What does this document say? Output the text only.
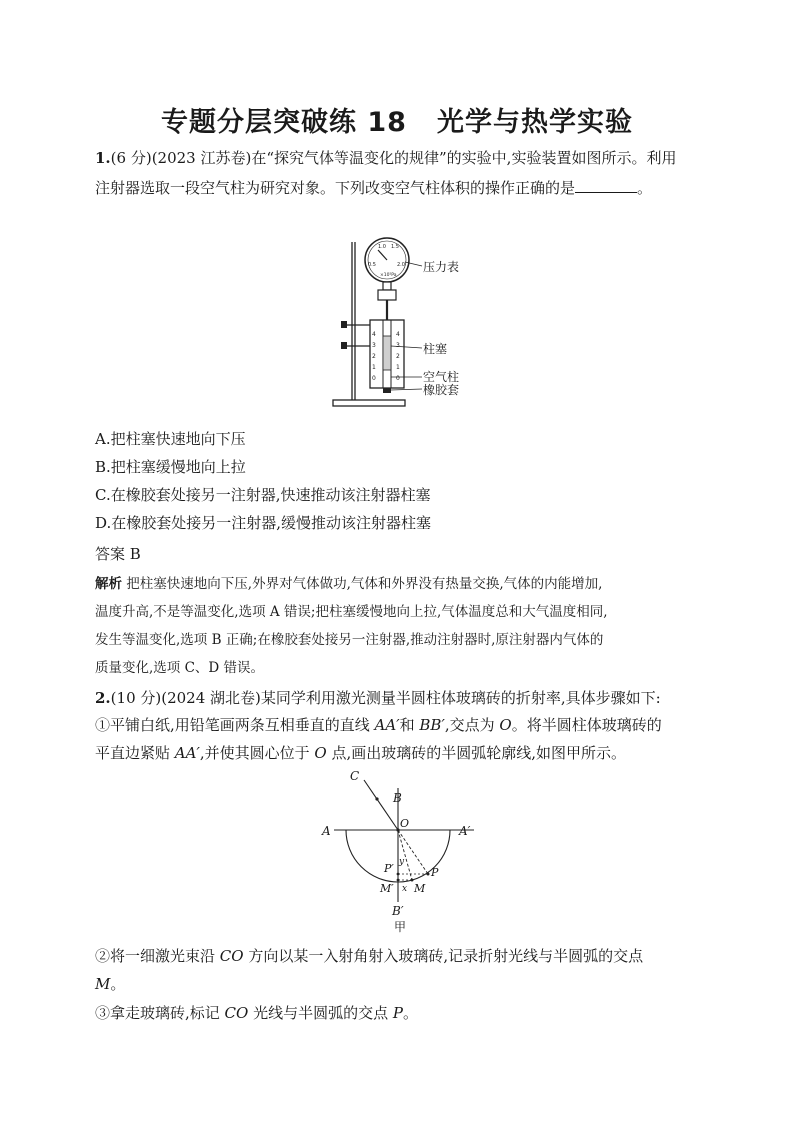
专题分层突破练 18 光学与热学实验
1.(6 分)(2023 江苏卷)在“探究气体等温变化的规律”的实验中,实验装置如图所示。利用
注射器选取一段空气柱为研究对象。下列改变空气柱体积的操作正确的是	。
0.5
1.0 1.5
2.0
×10⁵Pa
4
3
2
1
0
4
3
2
1
0
压力表
柱塞
空气柱
橡胶套
A.把柱塞快速地向下压
B.把柱塞缓慢地向上拉
C.在橡胶套处接另一注射器,快速推动该注射器柱塞
D.在橡胶套处接另一注射器,缓慢推动该注射器柱塞
答案 B
解析 把柱塞快速地向下压,外界对气体做功,气体和外界没有热量交换,气体的内能增加,
温度升高,不是等温变化,选项 A 错误;把柱塞缓慢地向上拉,气体温度总和大气温度相同,
发生等温变化,选项 B 正确;在橡胶套处接另一注射器,推动注射器时,原注射器内气体的
质量变化,选项 C、D 错误。
2.(10 分)(2024 湖北卷)某同学利用激光测量半圆柱体玻璃砖的折射率,具体步骤如下:
①平铺白纸,用铅笔画两条互相垂直的直线 AA′和 BB′,交点为 O。将半圆柱体玻璃砖的
平直边紧贴 AA′,并使其圆心位于 O 点,画出玻璃砖的半圆弧轮廓线,如图甲所示。
A	A′
B
B′
C
O
y
x
P
P′
M
M′
甲
②将一细激光束沿 CO 方向以某一入射角射入玻璃砖,记录折射光线与半圆弧的交点
M。
③拿走玻璃砖,标记 CO 光线与半圆弧的交点 P。
